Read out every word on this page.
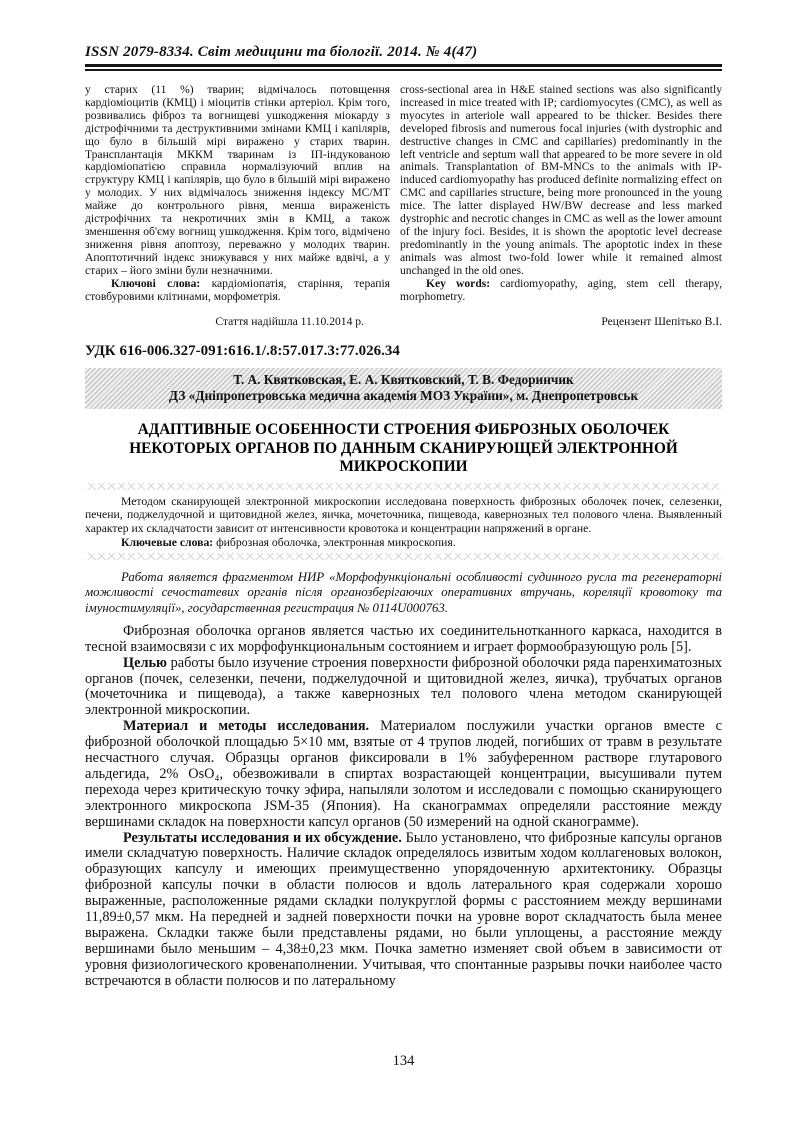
ISSN 2079-8334. Світ медицини та біології. 2014. № 4(47)

у старих (11 %) тварин; відмічалось потовщення кардіоміоцитів (КМЦ) і міоцитів стінки артеріол. Крім того, розвивались фіброз та вогнищеві ушкодження міокарду з дістрофічними та деструктивними змінами КМЦ і капілярів, що було в більшій мірі виражено у старих тварин. Трансплантація МККМ тваринам із ІП-індукованою кардіоміопатією справила нормалізуючий вплив на структуру КМЦ і капілярів, що було в більшій мірі виражено у молодих. У них відмічалось зниження індексу МС/МТ майже до контрольного рівня, менша вираженість дістрофічних та некротичних змін в КМЦ, а також зменшення об'єму вогнищ ушкодження. Крім того, відмічено зниження рівня апоптозу, переважно у молодих тварин. Апоптотичний індекс знижувався у них майже вдвічі, а у старих – його зміни були незначними.

Ключові слова: кардіоміопатія, старіння, терапія стовбуровими клітинами, морфометрія.

Стаття надійшла 11.10.2014 р.

cross-sectional area in H&E stained sections was also significantly increased in mice treated with IP; cardiomyocytes (CMC), as well as myocytes in arteriole wall appeared to be thicker. Besides there developed fibrosis and numerous focal injuries (with dystrophic and destructive changes in CMC and capillaries) predominantly in the left ventricle and septum wall that appeared to be more severe in old animals. Transplantation of BM-MNCs to the animals with IP-induced cardiomyopathy has produced definite normalizing effect on CMC and capillaries structure, being more pronounced in the young mice. The latter displayed HW/BW decrease and less marked dystrophic and necrotic changes in CMC as well as the lower amount of the injury foci. Besides, it is shown the apoptotic level decrease predominantly in the young animals. The apoptotic index in these animals was almost two-fold lower while it remained almost unchanged in the old ones.

Key words: cardiomyopathy, aging, stem cell therapy, morphometry.

Рецензент Шепітько В.І.

УДК 616-006.327-091:616.1/.8:57.017.3:77.026.34

Т. А. Квятковская, Е. А. Квятковский, Т. В. Федоринчик
ДЗ «Дніпропетровська медична академія МОЗ України», м. Днепропетровськ
АДАПТИВНЫЕ ОСОБЕННОСТИ СТРОЕНИЯ ФИБРОЗНЫХ ОБОЛОЧЕК НЕКОТОРЫХ ОРГАНОВ ПО ДАННЫМ СКАНИРУЮЩЕЙ ЭЛЕКТРОННОЙ МИКРОСКОПИИ

Методом сканирующей электронной микроскопии исследована поверхность фиброзных оболочек почек, селезенки, печени, поджелудочной и щитовидной желез, яичка, мочеточника, пищевода, кавернозных тел полового члена. Выявленный характер их складчатости зависит от интенсивности кровотока и концентрации напряжений в органе.

Ключевые слова: фиброзная оболочка, электронная микроскопия.

Работа является фрагментом НИР «Морфофункціональні особливості судинного русла та регенераторні можливості сечостатевих органів після органозберігаючих оперативних втручань, кореляції кровотоку та імуностимуляції», государственная регистрация № 0114U000763.

Фиброзная оболочка органов является частью их соединительнотканного каркаса, находится в тесной взаимосвязи с их морфофункциональным состоянием и играет формообразующую роль [5].

Целью работы было изучение строения поверхности фиброзной оболочки ряда паренхиматозных органов (почек, селезенки, печени, поджелудочной и щитовидной желез, яичка), трубчатых органов (мочеточника и пищевода), а также кавернозных тел полового члена методом сканирующей электронной микроскопии.

Материал и методы исследования. Материалом послужили участки органов вместе с фиброзной оболочкой площадью 5×10 мм, взятые от 4 трупов людей, погибших от травм в результате несчастного случая. Образцы органов фиксировали в 1% забуференном растворе глутарового альдегида, 2% OsO₄, обезвоживали в спиртах возрастающей концентрации, высушивали путем перехода через критическую точку эфира, напыляли золотом и исследовали с помощью сканирующего электронного микроскопа JSM-35 (Япония). На сканограммах определяли расстояние между вершинами складок на поверхности капсул органов (50 измерений на одной сканограмме).

Результаты исследования и их обсуждение. Было установлено, что фиброзные капсулы органов имели складчатую поверхность. Наличие складок определялось извитым ходом коллагеновых волокон, образующих капсулу и имеющих преимущественно упорядоченную архитектонику. Образцы фиброзной капсулы почки в области полюсов и вдоль латерального края содержали хорошо выраженные, расположенные рядами складки полукруглой формы с расстоянием между вершинами 11,89±0,57 мкм. На передней и задней поверхности почки на уровне ворот складчатость была менее выражена. Складки также были представлены рядами, но были уплощены, а расстояние между вершинами было меньшим – 4,38±0,23 мкм. Почка заметно изменяет свой объем в зависимости от уровня физиологического кровенаполнении. Учитывая, что спонтанные разрывы почки наиболее часто встречаются в области полюсов и по латеральному

134
